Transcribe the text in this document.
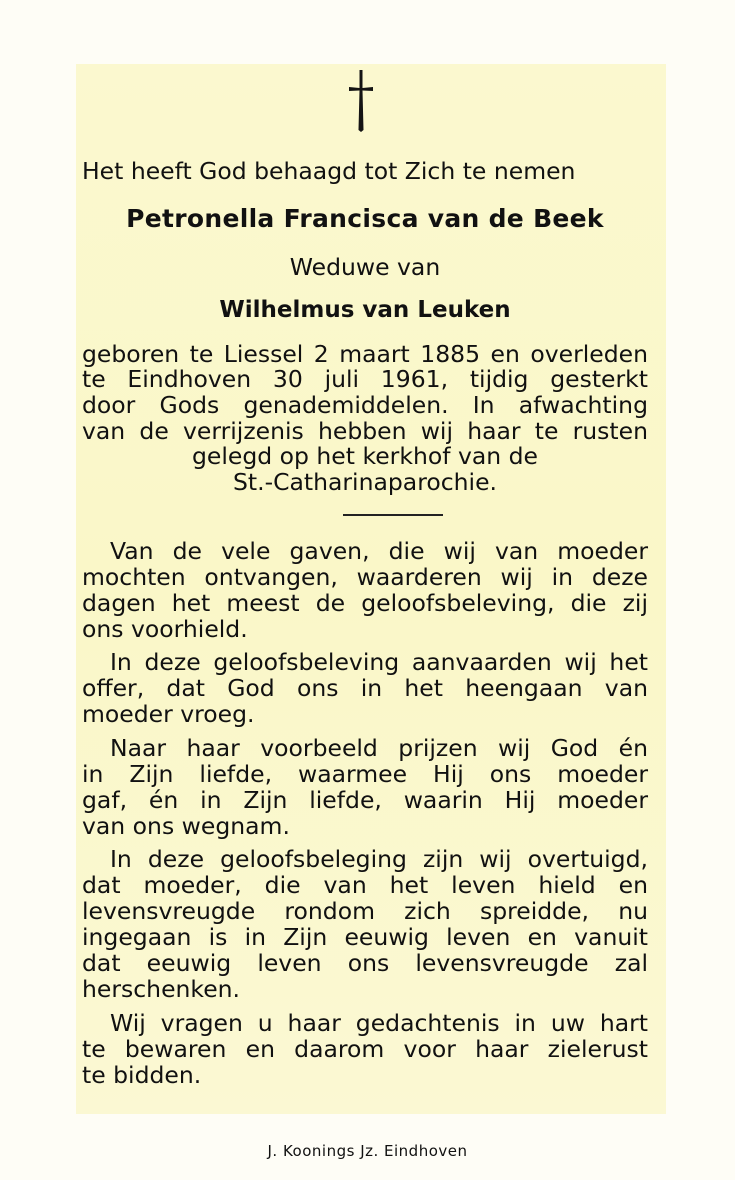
Het heeft God behaagd tot Zich te nemen
Petronella Francisca van de Beek
Weduwe van
Wilhelmus van Leuken
geboren te Liessel 2 maart 1885 en overleden
te Eindhoven 30 juli 1961, tijdig gesterkt
door Gods genademiddelen. In afwachting
van de verrijzenis hebben wij haar te rusten
gelegd op het kerkhof van de
St.-Catharinaparochie.
Van de vele gaven, die wij van moeder
mochten ontvangen, waarderen wij in deze
dagen het meest de geloofsbeleving, die zij
ons voorhield.
In deze geloofsbeleving aanvaarden wij het
offer, dat God ons in het heengaan van
moeder vroeg.
Naar haar voorbeeld prijzen wij God én
in Zijn liefde, waarmee Hij ons moeder
gaf, én in Zijn liefde, waarin Hij moeder
van ons wegnam.
In deze geloofsbeleging zijn wij overtuigd,
dat moeder, die van het leven hield en
levensvreugde rondom zich spreidde, nu
ingegaan is in Zijn eeuwig leven en vanuit
dat eeuwig leven ons levensvreugde zal
herschenken.
Wij vragen u haar gedachtenis in uw hart
te bewaren en daarom voor haar zielerust
te bidden.
J. Koonings Jz. Eindhoven
